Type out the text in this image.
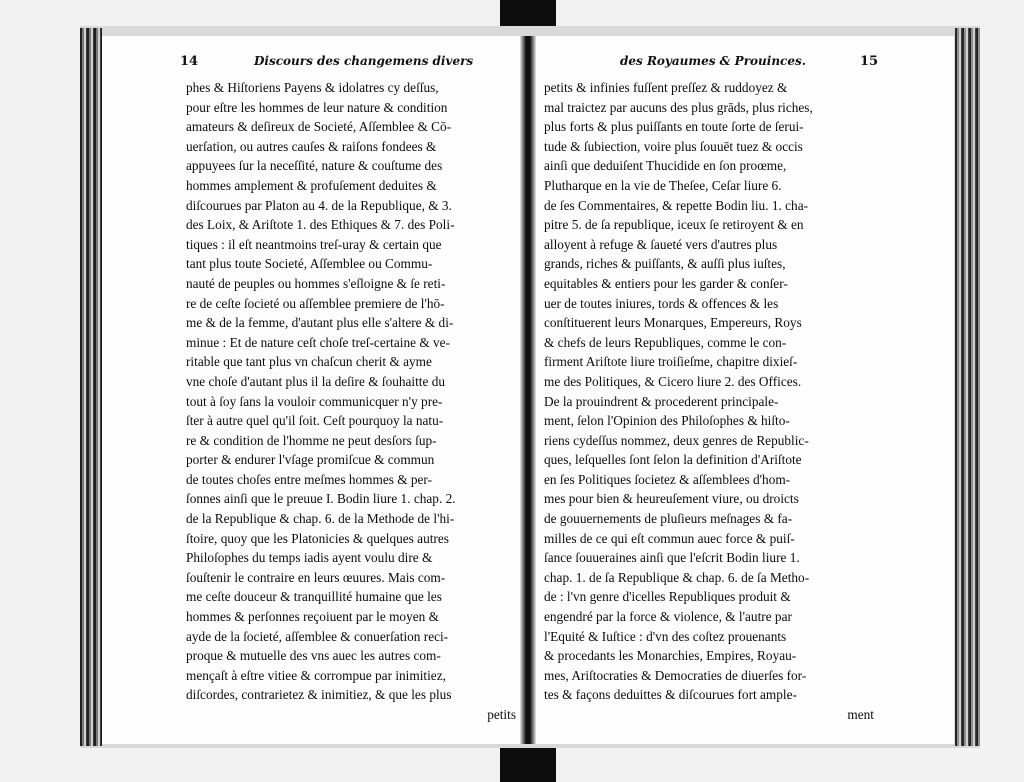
14	Discours des changemens divers	des Royaumes & Prouinces.	15
phes & Hiſtoriens Payens & idolatres cy deſſus,
pour eſtre les hommes de leur nature & condition
amateurs & deſireux de Societé, Aſſemblee & Cō-
uerſation, ou autres cauſes & raiſons fondees &
appuyees ſur la neceſſité, nature & couſtume des
hommes amplement & profuſement deduites &
diſcourues par Platon au 4. de la Republique, & 3.
des Loix, & Ariſtote 1. des Ethiques & 7. des Poli-
tiques : il eſt neantmoins treſ-uray & certain que
tant plus toute Societé, Aſſemblee ou Commu-
nauté de peuples ou hommes s'eſloigne & ſe reti-
re de ceſte ſocieté ou aſſemblee premiere de l'hō-
me & de la femme, d'autant plus elle s'altere & di-
minue : Et de nature ceſt choſe treſ-certaine & ve-
ritable que tant plus vn chaſcun cherit & ayme
vne choſe d'autant plus il la deſire & ſouhaitte du
tout à ſoy ſans la vouloir communicquer n'y pre-
ſter à autre quel qu'il ſoit. Ceſt pourquoy la natu-
re & condition de l'homme ne peut desſors ſup-
porter & endurer l'vſage promiſcue & commun
de toutes choſes entre meſmes hommes & per-
ſonnes ainſi que le preuue I. Bodin liure 1. chap. 2.
de la Republique & chap. 6. de la Methode de l'hi-
ſtoire, quoy que les Platonicies & quelques autres
Philoſophes du temps iadis ayent voulu dire &
ſouſtenir le contraire en leurs œuures. Mais com-
me ceſte douceur & tranquillité humaine que les
hommes & perſonnes reçoiuent par le moyen &
ayde de la ſocieté, aſſemblee & conuerſation reci-
proque & mutuelle des vns auec les autres com-
mençaſt à eſtre vitiee & corrompue par inimitiez,
diſcordes, contrarietez & inimitiez, & que les plus
petits
petits & infinies fuſſent preſſez & ruddoyez &
mal traictez par aucuns des plus grāds, plus riches,
plus forts & plus puiſſants en toute ſorte de ſerui-
tude & ſubiection, voire plus ſouuēt tuez & occis
ainſi que deduiſent Thucidide en ſon proœme,
Plutharque en la vie de Theſee, Ceſar liure 6.
de ſes Commentaires, & repette Bodin liu. 1. cha-
pitre 5. de ſa republique, iceux ſe retiroyent & en
alloyent à refuge & ſaueté vers d'autres plus
grands, riches & puiſſants, & auſſi plus iuſtes,
equitables & entiers pour les garder & conſer-
uer de toutes iniures, tords & offences & les
conſtituerent leurs Monarques, Empereurs, Roys
& chefs de leurs Republiques, comme le con-
firment Ariſtote liure troiſieſme, chapitre dixieſ-
me des Politiques, & Cicero liure 2. des Offices.
De la prouindrent & procederent principale-
ment, ſelon l'Opinion des Philoſophes & hiſto-
riens cydeſſus nommez, deux genres de Republic-
ques, leſquelles ſont ſelon la definition d'Ariſtote
en ſes Politiques ſocietez & aſſemblees d'hom-
mes pour bien & heureuſement viure, ou droicts
de gouuernements de pluſieurs meſnages & fa-
milles de ce qui eſt commun auec force & puiſ-
ſance ſouueraines ainſi que l'eſcrit Bodin liure 1.
chap. 1. de ſa Republique & chap. 6. de ſa Metho-
de : l'vn genre d'icelles Republiques produit &
engendré par la force & violence, & l'autre par
l'Equité & Iuſtice : d'vn des coſtez prouenants
& procedants les Monarchies, Empires, Royau-
mes, Ariſtocraties & Democraties de diuerſes for-
tes & façons deduittes & diſcourues fort ample-
ment
